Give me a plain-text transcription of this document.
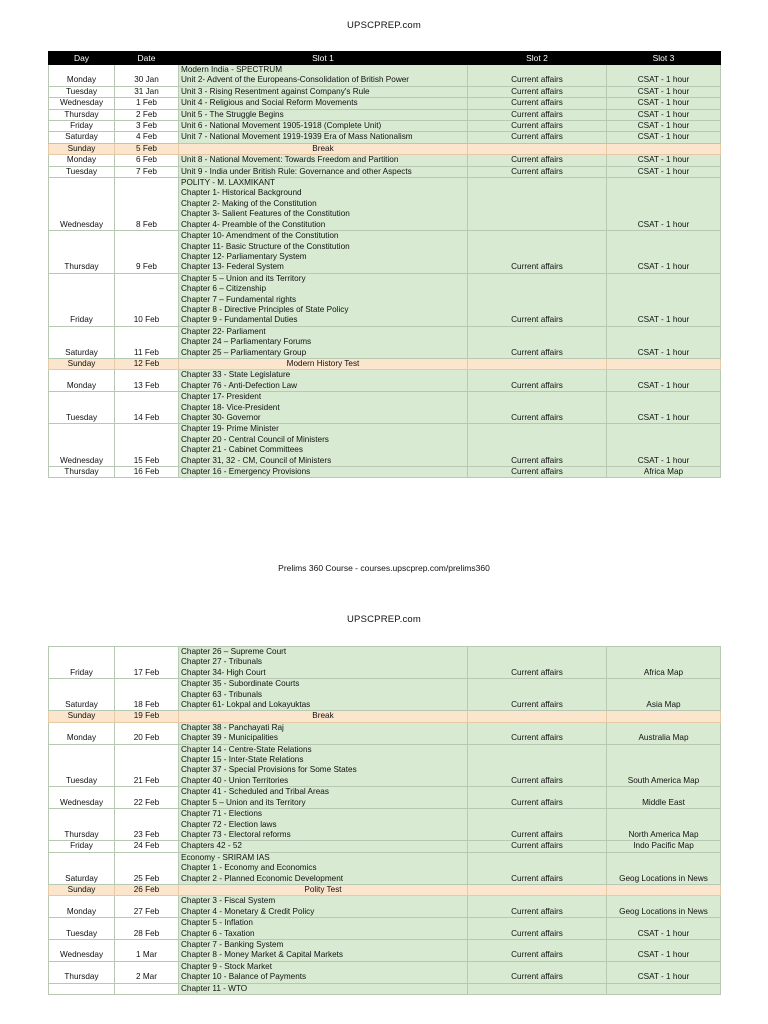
UPSCPREP.com
Day	Date	Slot 1	Slot 2	Slot 3
Monday	30 Jan	Modern India - SPECTRUM
Unit 2- Advent of the Europeans-Consolidation of British Power	Current affairs	CSAT - 1 hour
Tuesday	31 Jan	Unit 3 - Rising Resentment against Company's Rule	Current affairs	CSAT - 1 hour
Wednesday	1 Feb	Unit 4 - Religious and Social Reform Movements	Current affairs	CSAT - 1 hour
Thursday	2 Feb	Unit 5 - The Struggle Begins	Current affairs	CSAT - 1 hour
Friday	3 Feb	Unit 6 - National Movement 1905-1918 (Complete Unit)	Current affairs	CSAT - 1 hour
Saturday	4 Feb	Unit 7 - National Movement 1919-1939 Era of Mass Nationalism	Current affairs	CSAT - 1 hour
Sunday	5 Feb	Break		

Monday	6 Feb	Unit 8 - National Movement: Towards Freedom and Partition	Current affairs	CSAT - 1 hour
Tuesday	7 Feb	Unit 9 - India under British Rule: Governance and other Aspects	Current affairs	CSAT - 1 hour
Wednesday	8 Feb	POLITY - M. LAXMIKANT
Chapter 1- Historical Background
Chapter 2- Making of the Constitution
Chapter 3- Salient Features of the Constitution
Chapter 4- Preamble of the Constitution		CSAT - 1 hour
Thursday	9 Feb	Chapter 10- Amendment of the Constitution
Chapter 11- Basic Structure of the Constitution
Chapter 12- Parliamentary System
Chapter 13- Federal System	Current affairs	CSAT - 1 hour
Friday	10 Feb	Chapter 5 – Union and its Territory
Chapter 6 – Citizenship
Chapter 7 – Fundamental rights
Chapter 8 - Directive Principles of State Policy
Chapter 9 - Fundamental Duties	Current affairs	CSAT - 1 hour
Saturday	11 Feb	Chapter 22- Parliament
Chapter 24 – Parliamentary Forums
Chapter 25 – Parliamentary Group	Current affairs	CSAT - 1 hour
Sunday	12 Feb	Modern History Test		

Monday	13 Feb	Chapter 33 - State Legislature
Chapter 76 - Anti-Defection Law	Current affairs	CSAT - 1 hour
Tuesday	14 Feb	Chapter 17- President
Chapter 18- Vice-President
Chapter 30- Governor	Current affairs	CSAT - 1 hour
Wednesday	15 Feb	Chapter 19- Prime Minister
Chapter 20 - Central Council of Ministers
Chapter 21 - Cabinet Committees
Chapter 31, 32 - CM, Council of Ministers	Current affairs	CSAT - 1 hour
Thursday	16 Feb	Chapter 16 - Emergency Provisions	Current affairs	Africa Map
Prelims 360 Course - courses.upscprep.com/prelims360
UPSCPREP.com
Friday	17 Feb	Chapter 26 – Supreme Court
Chapter 27 - Tribunals
Chapter 34- High Court	Current affairs	Africa Map
Saturday	18 Feb	Chapter 35 - Subordinate Courts
Chapter 63 - Tribunals
Chapter 61- Lokpal and Lokayuktas	Current affairs	Asia Map
Sunday	19 Feb	Break		

Monday	20 Feb	Chapter 38 - Panchayati Raj
Chapter 39 - Municipalities	Current affairs	Australia Map
Tuesday	21 Feb	Chapter 14 - Centre-State Relations
Chapter 15 - Inter-State Relations
Chapter 37 - Special Provisions for Some States
Chapter 40 - Union Territories	Current affairs	South America Map
Wednesday	22 Feb	Chapter 41 - Scheduled and Tribal Areas
Chapter 5 – Union and its Territory	Current affairs	Middle East
Thursday	23 Feb	Chapter 71 - Elections
Chapter 72 - Election laws
Chapter 73 - Electoral reforms	Current affairs	North America Map
Friday	24 Feb	Chapters 42 - 52	Current affairs	Indo Pacific Map
Saturday	25 Feb	Economy - SRIRAM IAS
Chapter 1 - Economy and Economics
Chapter 2 - Planned Economic Development	Current affairs	Geog Locations in News
Sunday	26 Feb	Polity Test		

Monday	27 Feb	Chapter 3 - Fiscal System
Chapter 4 - Monetary & Credit Policy	Current affairs	Geog Locations in News
Tuesday	28 Feb	Chapter 5 - Inflation
Chapter 6 - Taxation	Current affairs	CSAT - 1 hour
Wednesday	1 Mar	Chapter 7 - Banking System
Chapter 8 - Money Market & Capital Markets	Current affairs	CSAT - 1 hour
Thursday	2 Mar	Chapter 9 - Stock Market
Chapter 10 - Balance of Payments	Current affairs	CSAT - 1 hour

		Chapter 11 - WTO		
